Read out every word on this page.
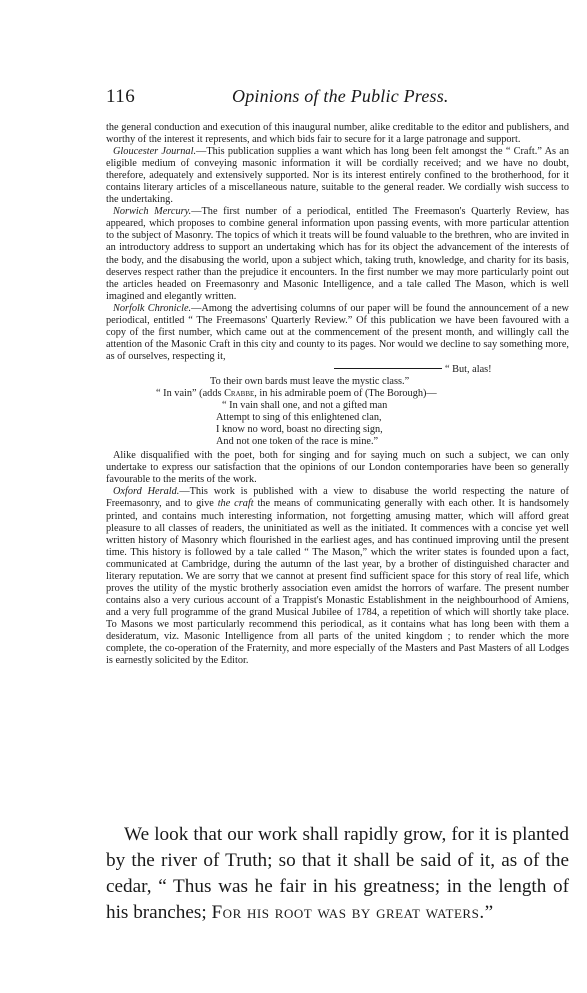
116	Opinions of the Public Press.

the general conduction and execution of this inaugural number, alike creditable to the editor and publishers, and worthy of the interest it represents, and which bids fair to secure for it a large patronage and support.

Gloucester Journal.—This publication supplies a want which has long been felt amongst the “ Craft.” As an eligible medium of conveying masonic information it will be cordially received; and we have no doubt, therefore, adequately and extensively supported. Nor is its interest entirely confined to the brotherhood, for it contains literary articles of a miscellaneous nature, suitable to the general reader. We cordially wish success to the undertaking.

Norwich Mercury.—The first number of a periodical, entitled The Freemason's Quarterly Review, has appeared, which proposes to combine general information upon passing events, with more particular attention to the subject of Masonry. The topics of which it treats will be found valuable to the brethren, who are invited in an introductory address to support an undertaking which has for its object the advancement of the interests of the body, and the disabusing the world, upon a subject which, taking truth, knowledge, and charity for its basis, deserves respect rather than the prejudice it encounters. In the first number we may more particularly point out the articles headed on Freemasonry and Masonic Intelligence, and a tale called The Mason, which is well imagined and elegantly written.

Norfolk Chronicle.—Among the advertising columns of our paper will be found the announcement of a new periodical, entitled “ The Freemasons' Quarterly Review.” Of this publication we have been favoured with a copy of the first number, which came out at the commencement of the present month, and willingly call the attention of the Masonic Craft in this city and county to its pages. Nor would we decline to say something more, as of ourselves, respecting it,

“ But, alas!
To their own bards must leave the mystic class.”
“ In vain” (adds Crabbe, in his admirable poem of (The Borough)—
“ In vain shall one, and not a gifted man
Attempt to sing of this enlightened clan,
I know no word, boast no directing sign,
And not one token of the race is mine.”

Alike disqualified with the poet, both for singing and for saying much on such a subject, we can only undertake to express our satisfaction that the opinions of our London contemporaries have been so generally favourable to the merits of the work.

Oxford Herald.—This work is published with a view to disabuse the world respecting the nature of Freemasonry, and to give the craft the means of communicating generally with each other. It is handsomely printed, and contains much interesting information, not forgetting amusing matter, which will afford great pleasure to all classes of readers, the uninitiated as well as the initiated. It commences with a concise yet well written history of Masonry which flourished in the earliest ages, and has continued improving until the present time. This history is followed by a tale called “ The Mason,” which the writer states is founded upon a fact, communicated at Cambridge, during the autumn of the last year, by a brother of distinguished character and literary reputation. We are sorry that we cannot at present find sufficient space for this story of real life, which proves the utility of the mystic brotherly association even amidst the horrors of warfare. The present number contains also a very curious account of a Trappist's Monastic Establishment in the neighbourhood of Amiens, and a very full programme of the grand Musical Jubilee of 1784, a repetition of which will shortly take place. To Masons we most particularly recommend this periodical, as it contains what has long been with them a desideratum, viz. Masonic Intelligence from all parts of the united kingdom ; to render which the more complete, the co-operation of the Fraternity, and more especially of the Masters and Past Masters of all Lodges is earnestly solicited by the Editor.

We look that our work shall rapidly grow, for it is planted by the river of Truth; so that it shall be said of it, as of the cedar, “ Thus was he fair in his greatness; in the length of his branches; For his root was by great waters.”
